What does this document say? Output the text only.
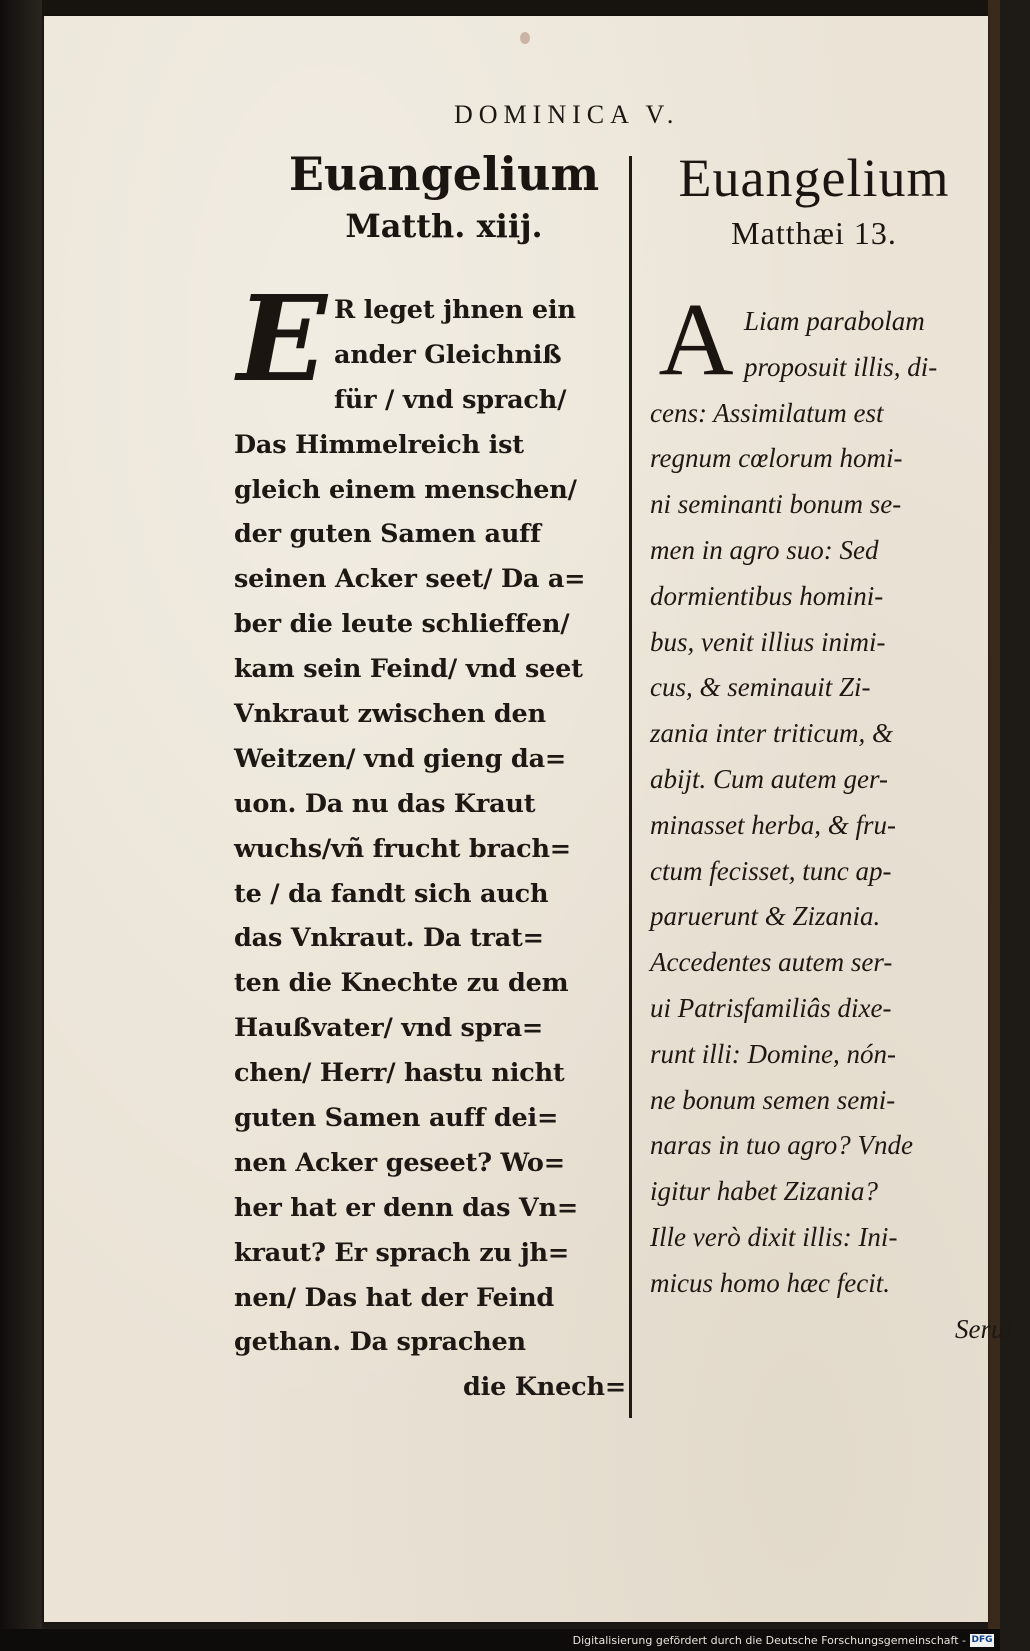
DOMINICA V.
Euangelium
Matth. xiij.
E R leget jhnen ein
ander Gleichniß
für / vnd sprach/
Das Himmelreich ist
gleich einem menschen/
der guten Samen auff
seinen Acker seet/ Da a=
ber die leute schlieffen/
kam sein Feind/ vnd seet
Vnkraut zwischen den
Weitzen/ vnd gieng da=
uon. Da nu das Kraut
wuchs/vñ frucht brach=
te / da fandt sich auch
das Vnkraut. Da trat=
ten die Knechte zu dem
Haußvater/ vnd spra=
chen/ Herr/ hastu nicht
guten Samen auff dei=
nen Acker geseet? Wo=
her hat er denn das Vn=
kraut? Er sprach zu jh=
nen/ Das hat der Feind
gethan. Da sprachen
die Knech=
Euangelium
Matthæi 13.
A Liam parabolam
proposuit illis, di-
cens: Assimilatum est
regnum cœlorum homi-
ni seminanti bonum se-
men in agro suo: Sed
dormientibus homini-
bus, venit illius inimi-
cus, & seminauit Zi-
zania inter triticum, &
abijt. Cum autem ger-
minasset herba, & fru-
ctum fecisset, tunc ap-
paruerunt & Zizania.
Accedentes autem ser-
ui Patrisfamiliâs dixe-
runt illi: Domine, nón-
ne bonum semen semi-
naras in tuo agro? Vnde
igitur habet Zizania?
Ille verò dixit illis: Ini-
micus homo hæc fecit.
Serui
Digitalisierung gefördert durch die Deutsche Forschungsgemeinschaft - DFG
